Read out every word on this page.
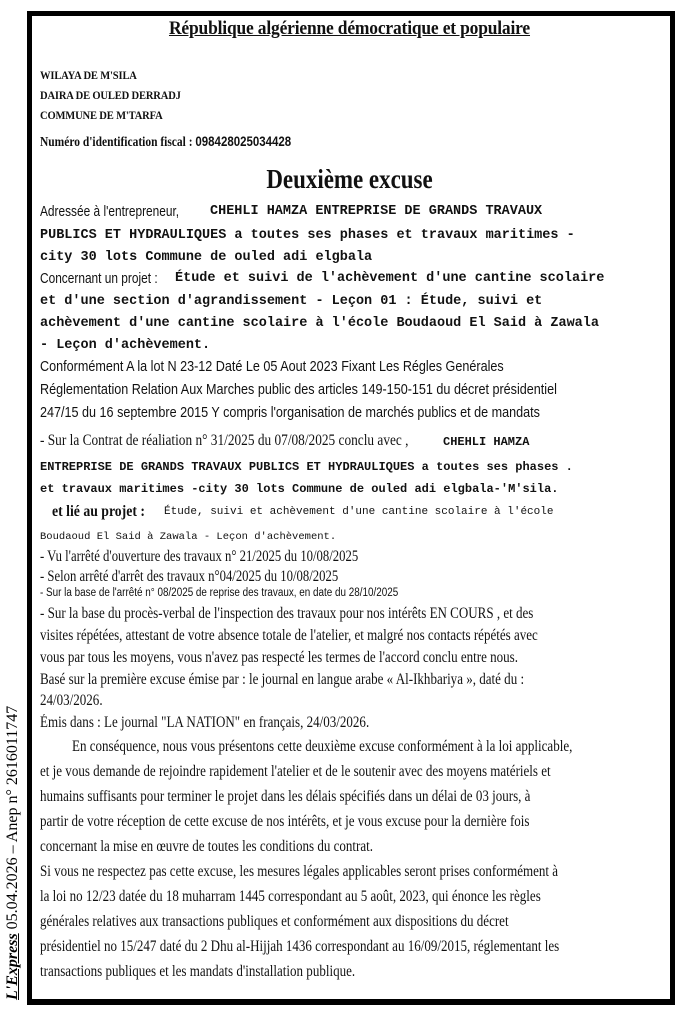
République algérienne démocratique et populaire
WILAYA DE M'SILA
DAIRA DE OULED DERRADJ
COMMUNE DE M'TARFA
Numéro d'identification fiscal : 098428025034428
Deuxième excuse
Adressée à l'entrepreneur, CHEHLI HAMZA ENTREPRISE DE GRANDS TRAVAUX
PUBLICS ET HYDRAULIQUES a toutes ses phases et travaux maritimes -
city 30 lots Commune de ouled adi elgbala
Concernant un projet : Étude et suivi de l'achèvement d'une cantine scolaire
et d'une section d'agrandissement - Leçon 01 : Étude, suivi et
achèvement d'une cantine scolaire à l'école Boudaoud El Said à Zawala
- Leçon d'achèvement.
Conformément A la lot N 23-12 Daté Le 05 Aout 2023 Fixant Les Régles Genérales
Réglementation Relation Aux Marches public des articles 149-150-151 du décret présidentiel
247/15 du 16 septembre 2015 Y compris l'organisation de marchés publics et de mandats
- Sur la Contrat de réaliation n° 31/2025 du 07/08/2025 conclu avec ,	CHEHLI HAMZA
ENTREPRISE DE GRANDS TRAVAUX PUBLICS ET HYDRAULIQUES a toutes ses phases .
et travaux maritimes -city 30 lots Commune de ouled adi elgbala-'M'sila.
et lié au projet : Étude, suivi et achèvement d'une cantine scolaire à l'école
Boudaoud El Said à Zawala - Leçon d'achèvement.
- Vu l'arrêté d'ouverture des travaux n° 21/2025 du 10/08/2025
- Selon arrêté d'arrêt des travaux n°04/2025 du 10/08/2025
- Sur la base de l'arrêté n° 08/2025 de reprise des travaux, en date du 28/10/2025
- Sur la base du procès-verbal de l'inspection des travaux pour nos intérêts EN COURS , et des
visites répétées, attestant de votre absence totale de l'atelier, et malgré nos contacts répétés avec
vous par tous les moyens, vous n'avez pas respecté les termes de l'accord conclu entre nous.
Basé sur la première excuse émise par : le journal en langue arabe « Al-Ikhbariya », daté du :
24/03/2026.
Émis dans : Le journal "LA NATION" en français, 24/03/2026.
En conséquence, nous vous présentons cette deuxième excuse conformément à la loi applicable,
et je vous demande de rejoindre rapidement l'atelier et de le soutenir avec des moyens matériels et
humains suffisants pour terminer le projet dans les délais spécifiés dans un délai de 03 jours, à
partir de votre réception de cette excuse de nos intérêts, et je vous excuse pour la dernière fois
concernant la mise en œuvre de toutes les conditions du contrat.
Si vous ne respectez pas cette excuse, les mesures légales applicables seront prises conformément à
la loi no 12/23 datée du 18 muharram 1445 correspondant au 5 août, 2023, qui énonce les règles
générales relatives aux transactions publiques et conformément aux dispositions du décret
présidentiel no 15/247 daté du 2 Dhu al-Hijjah 1436 correspondant au 16/09/2015, réglementant les
transactions publiques et les mandats d'installation publique.
L'Express 05.04.2026 – Anep n° 2616011747
